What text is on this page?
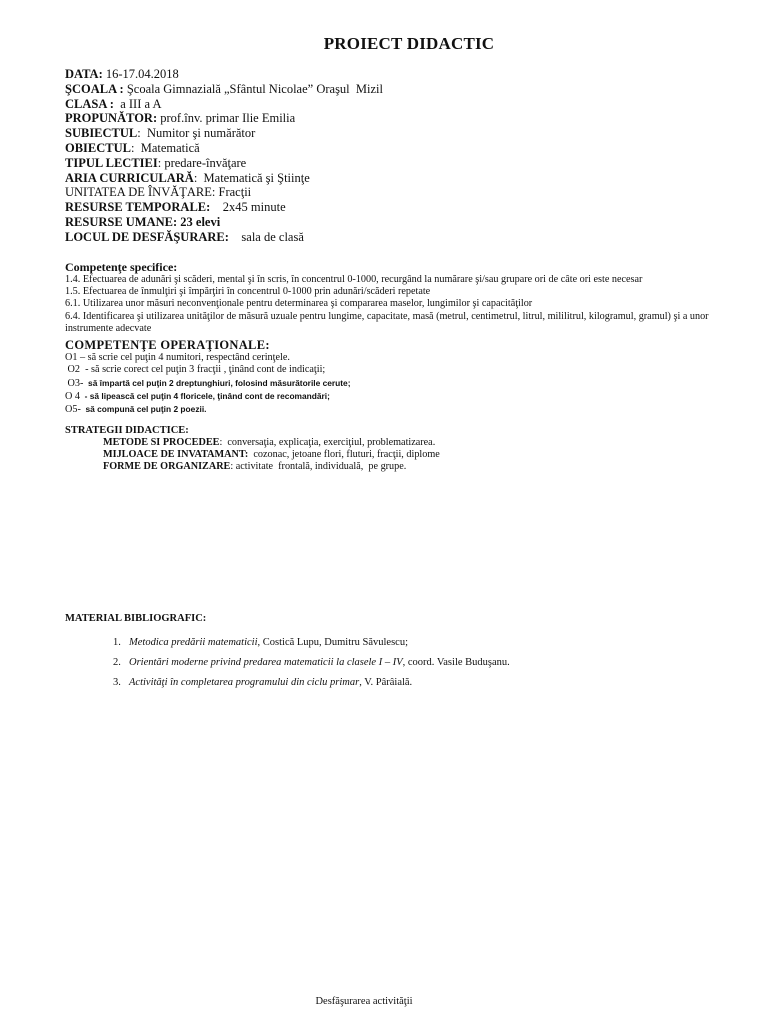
PROIECT DIDACTIC
DATA: 16-17.04.2018
ŞCOALA : Şcoala Gimnazială „Sfântul Nicolae” Oraşul  Mizil
CLASA :  a III a A
PROPUNĂTOR: prof.înv. primar Ilie Emilia
SUBIECTUL:  Numitor şi numărător
OBIECTUL:  Matematică
TIPUL LECTIEI: predare-învăţare
ARIA CURRICULARĂ:  Matematică şi Ştiinţe
UNITATEA DE ÎNVĂŢARE: Fracţii
RESURSE TEMPORALE:    2x45 minute
RESURSE UMANE: 23 elevi
LOCUL DE DESFĂŞURARE:    sala de clasă
Competenţe specifice:
1.4. Efectuarea de adunări şi scăderi, mental şi în scris, în concentrul 0-1000, recurgând la numărare şi/sau grupare ori de câte ori este necesar
1.5. Efectuarea de înmulţiri şi împărţiri în concentrul 0-1000 prin adunări/scăderi repetate
6.1. Utilizarea unor măsuri neconvenţionale pentru determinarea şi compararea maselor, lungimilor şi capacităţilor
6.4. Identificarea şi utilizarea unităţilor de măsură uzuale pentru lungime, capacitate, masă (metrul, centimetrul, litrul, mililitrul, kilogramul, gramul) şi a unor instrumente adecvate
COMPETENŢE OPERAŢIONALE:
O1 – să scrie cel puţin 4 numitori, respectând cerinţele.
O2  - să scrie corect cel puţin 3 fracţii , ţinând cont de indicaţii;
O3-  să împartă cel puţin 2 dreptunghiuri, folosind măsurătorile cerute;
O 4  - să lipească cel puţin 4 floricele, ţinând cont de recomandări;
O5-  să compună cel puţin 2 poezii.
STRATEGII DIDACTICE:
METODE SI PROCEDEE:  conversaţia, explicaţia, exerciţiul, problematizarea.
MIJLOACE DE INVATAMANT:  cozonac, jetoane flori, fluturi, fracţii, diplome
FORME DE ORGANIZARE: activitate  frontală, individuală,  pe grupe.
MATERIAL BIBLIOGRAFIC:
1. Metodica predării matematicii, Costică Lupu, Dumitru Săvulescu;
2. Orientări moderne privind predarea matematicii la clasele I – IV, coord. Vasile Buduşanu.
3. Activităţi în completarea programului din ciclu primar, V. Pârâială.
Desfăşurarea activităţii
